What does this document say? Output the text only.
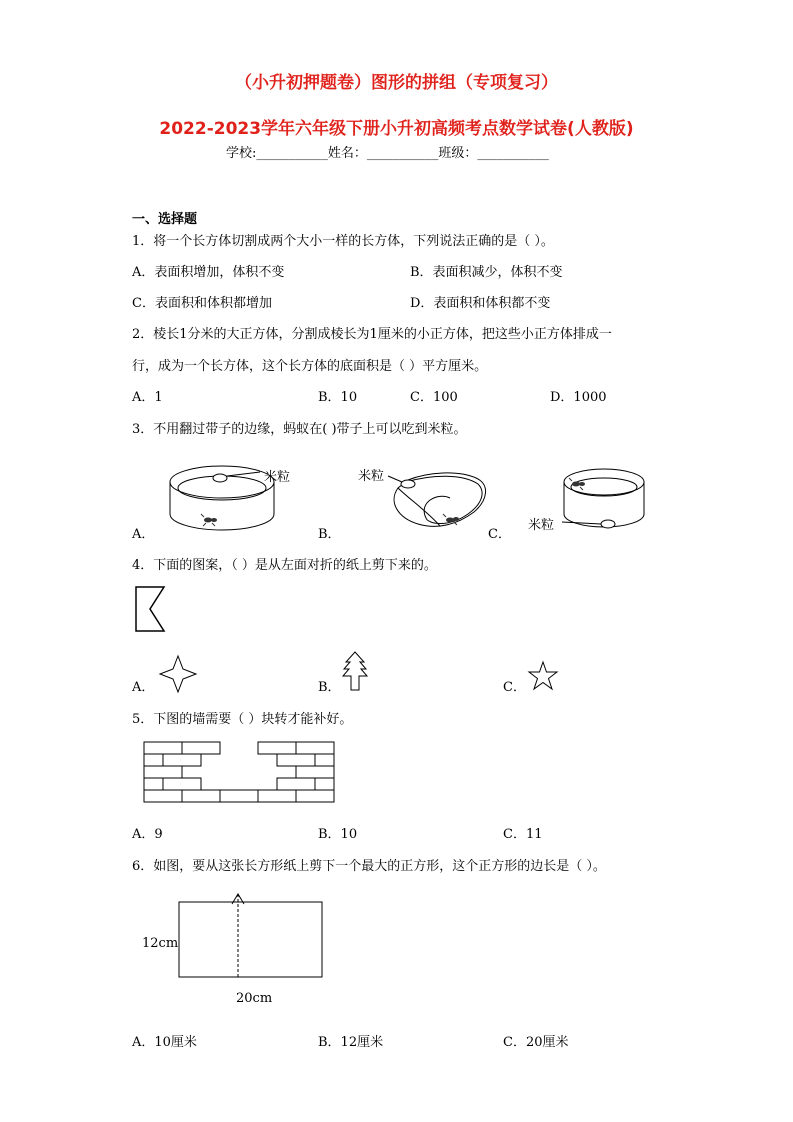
（小升初押题卷）图形的拼组（专项复习）
2022-2023学年六年级下册小升初高频考点数学试卷(人教版)
学校:___________姓名：___________班级：___________
一、选择题
1．将一个长方体切割成两个大小一样的长方体，下列说法正确的是（ ）。
A．表面积增加，体积不变	B．表面积减少，体积不变
C．表面积和体积都增加	D．表面积和体积都不变
2．棱长1分米的大正方体，分割成棱长为1厘米的小正方体，把这些小正方体排成一
行，成为一个长方体，这个长方体的底面积是（ ）平方厘米。
A．1	B．10	C．100	D．1000
3．不用翻过带子的边缘，蚂蚁在( )带子上可以吃到米粒。
米粒
A．
米粒
B．
米粒
C．
4．下面的图案，（ ）是从左面对折的纸上剪下来的。
A．	B．	C．
5．下图的墙需要（ ）块转才能补好。
A．9	B．10	C．11
6．如图，要从这张长方形纸上剪下一个最大的正方形，这个正方形的边长是（ ）。
12cm
20cm
A．10厘米	B．12厘米	C．20厘米
